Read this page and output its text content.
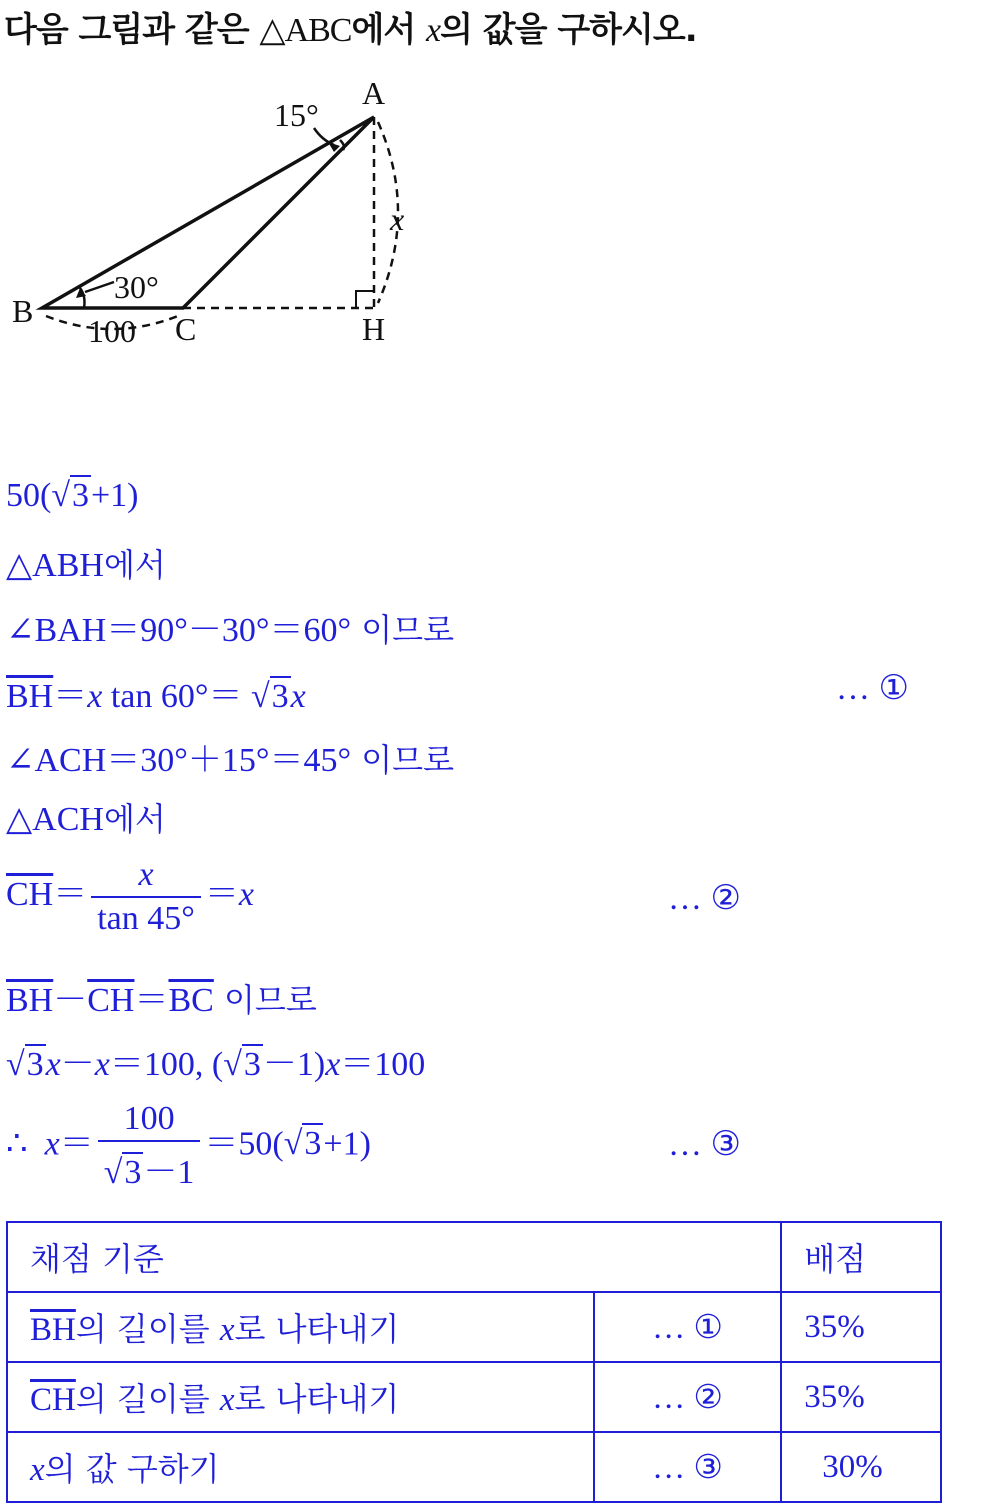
다음 그림과 같은 △ABC에서 x의 값을 구하시오.
A
B	C	H
15°
30°
100
x
50(√3+1)
△ABH에서
∠BAH＝90°－30°＝60° 이므로
$\overline{BH}=x$ tan 60°＝ √3x	… ①
∠ACH＝30°＋15°＝45° 이므로
△ACH에서
$\overline{CH}= \frac{x}{\tan 45^\circ} =x$	… ②
$\overline{BH}-\overline{CH}=\overline{BC}$ 이므로
√3x－x＝100, (√3－1)x＝100
∴ $x= \frac{100}{√3-1} =50(√3+1)$	… ③
채점 기준		배점
$\overline{BH}$의 길이를 x로 나타내기	… ①	35%
$\overline{CH}$의 길이를 x로 나타내기	… ②	35%
x의 값 구하기	… ③	30%
